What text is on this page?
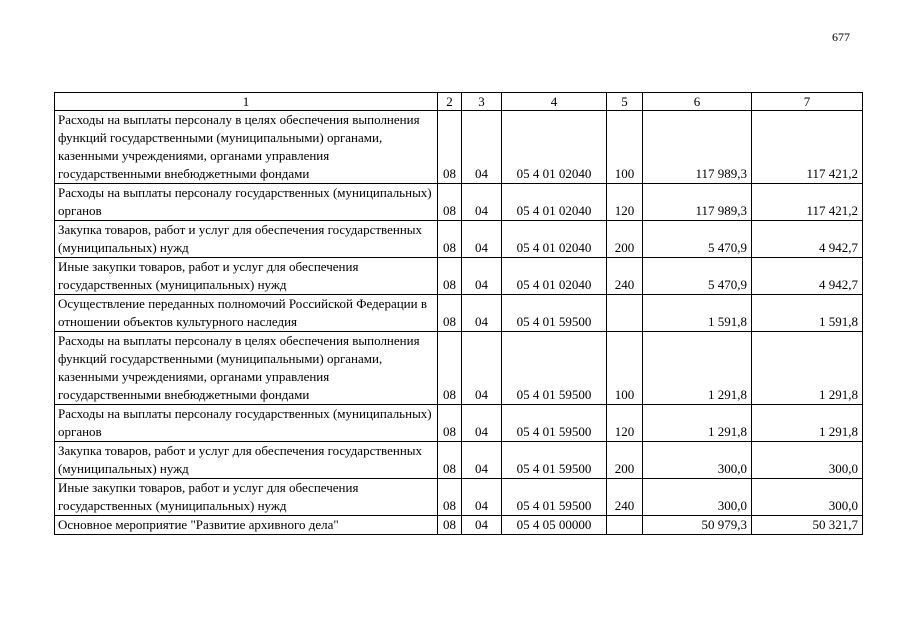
677
1	2	3	4	5	6	7
Расходы на выплаты персоналу в целях обеспечения выполнения функций государственными (муниципальными) органами, казенными учреждениями, органами управления государственными внебюджетными фондами	08	04	05 4 01 02040	100	117 989,3	117 421,2
Расходы на выплаты персоналу государственных (муниципальных) органов	08	04	05 4 01 02040	120	117 989,3	117 421,2
Закупка товаров, работ и услуг для обеспечения государственных (муниципальных) нужд	08	04	05 4 01 02040	200	5 470,9	4 942,7
Иные закупки товаров, работ и услуг для обеспечения государственных (муниципальных) нужд	08	04	05 4 01 02040	240	5 470,9	4 942,7
Осуществление переданных полномочий Российской Федерации в отношении объектов культурного наследия	08	04	05 4 01 59500		1 591,8	1 591,8
Расходы на выплаты персоналу в целях обеспечения выполнения функций государственными (муниципальными) органами, казенными учреждениями, органами управления государственными внебюджетными фондами	08	04	05 4 01 59500	100	1 291,8	1 291,8
Расходы на выплаты персоналу государственных (муниципальных) органов	08	04	05 4 01 59500	120	1 291,8	1 291,8
Закупка товаров, работ и услуг для обеспечения государственных (муниципальных) нужд	08	04	05 4 01 59500	200	300,0	300,0
Иные закупки товаров, работ и услуг для обеспечения государственных (муниципальных) нужд	08	04	05 4 01 59500	240	300,0	300,0
Основное мероприятие "Развитие архивного дела"	08	04	05 4 05 00000		50 979,3	50 321,7
